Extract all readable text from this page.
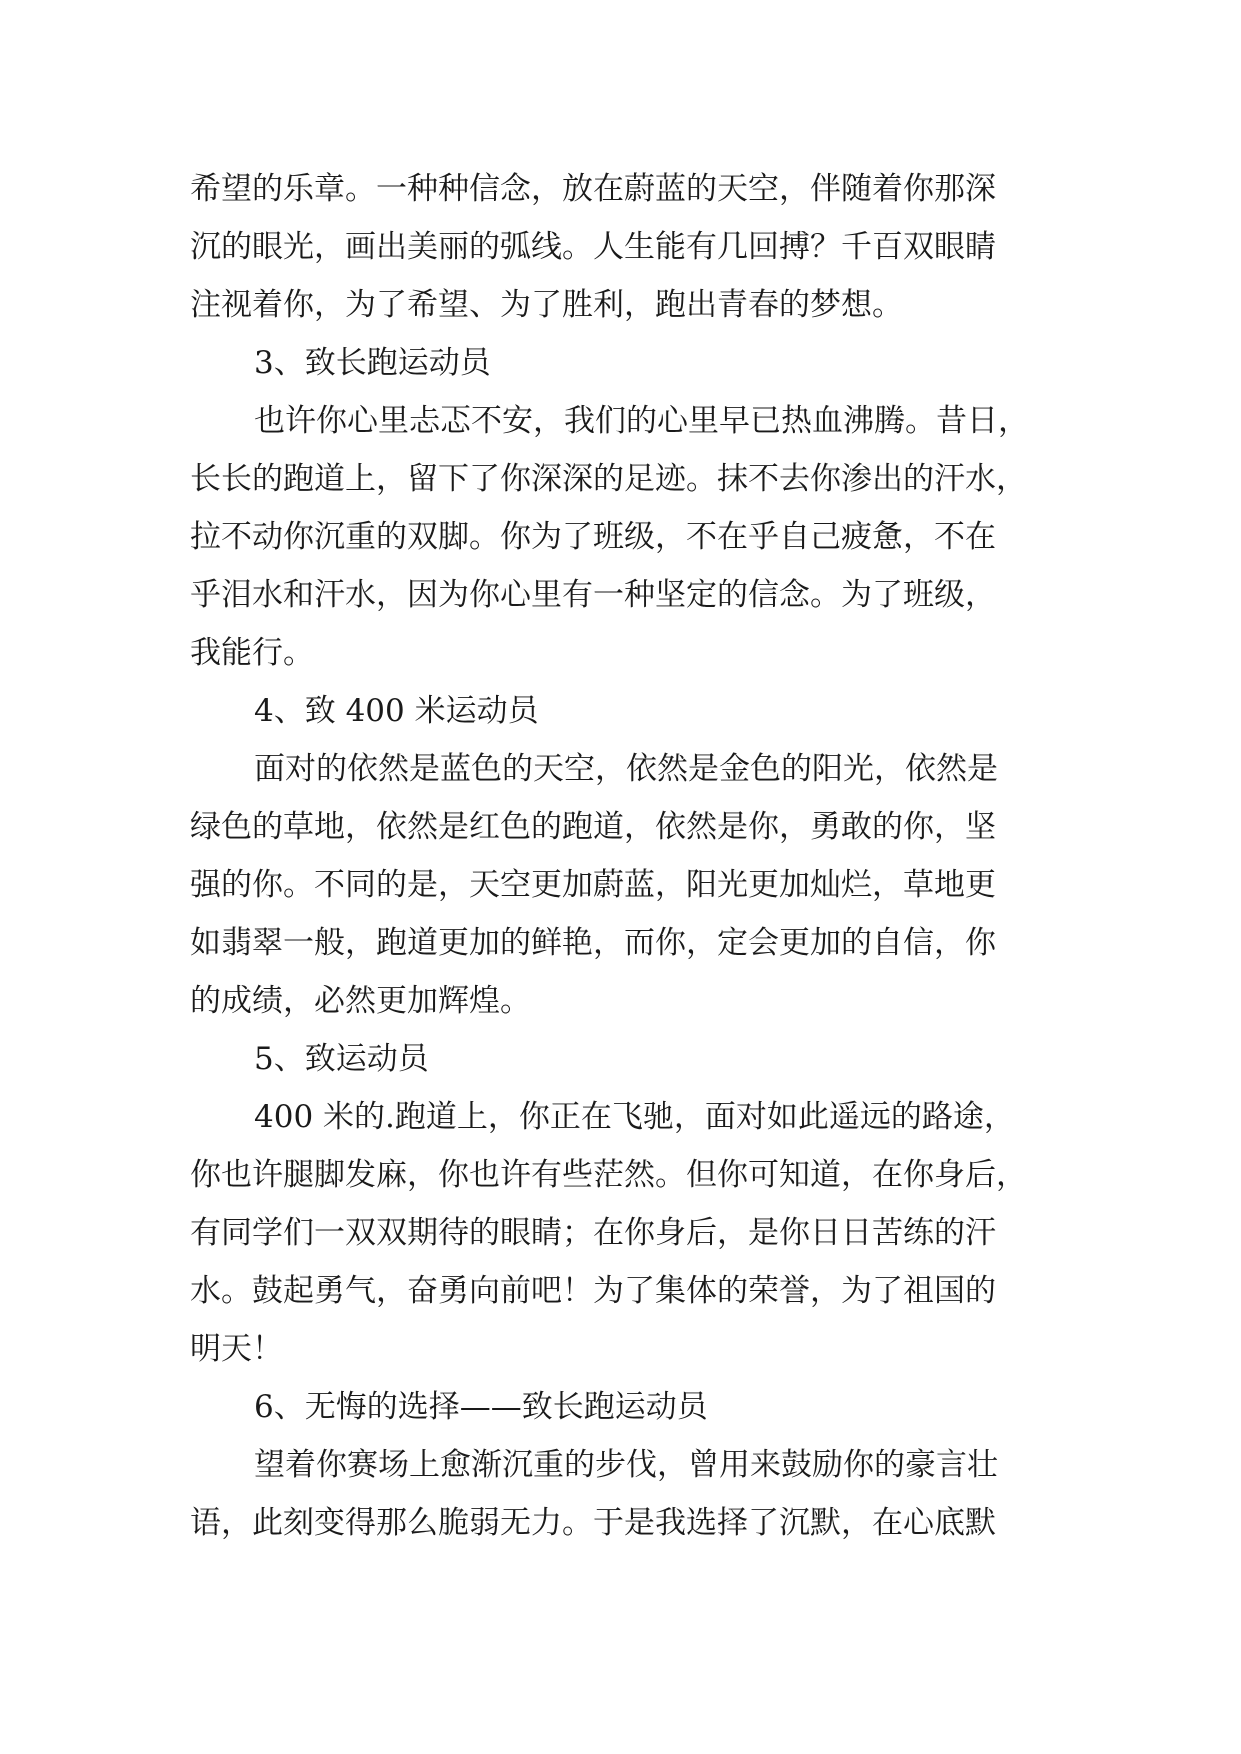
希望的乐章。一种种信念，放在蔚蓝的天空，伴随着你那深
沉的眼光，画出美丽的弧线。人生能有几回搏？千百双眼睛
注视着你，为了希望、为了胜利，跑出青春的梦想。
3、致长跑运动员
也许你心里忐忑不安，我们的心里早已热血沸腾。昔日，
长长的跑道上，留下了你深深的足迹。抹不去你渗出的汗水，
拉不动你沉重的双脚。你为了班级，不在乎自己疲惫，不在
乎泪水和汗水，因为你心里有一种坚定的信念。为了班级，
我能行。
4、致 400 米运动员
面对的依然是蓝色的天空，依然是金色的阳光，依然是
绿色的草地，依然是红色的跑道，依然是你，勇敢的你，坚
强的你。不同的是，天空更加蔚蓝，阳光更加灿烂，草地更
如翡翠一般，跑道更加的鲜艳，而你，定会更加的自信，你
的成绩，必然更加辉煌。
5、致运动员
400 米的.跑道上，你正在飞驰，面对如此遥远的路途，
你也许腿脚发麻，你也许有些茫然。但你可知道，在你身后，
有同学们一双双期待的眼睛；在你身后，是你日日苦练的汗
水。鼓起勇气，奋勇向前吧！为了集体的荣誉，为了祖国的
明天！
6、无悔的选择——致长跑运动员
望着你赛场上愈渐沉重的步伐，曾用来鼓励你的豪言壮
语，此刻变得那么脆弱无力。于是我选择了沉默，在心底默
